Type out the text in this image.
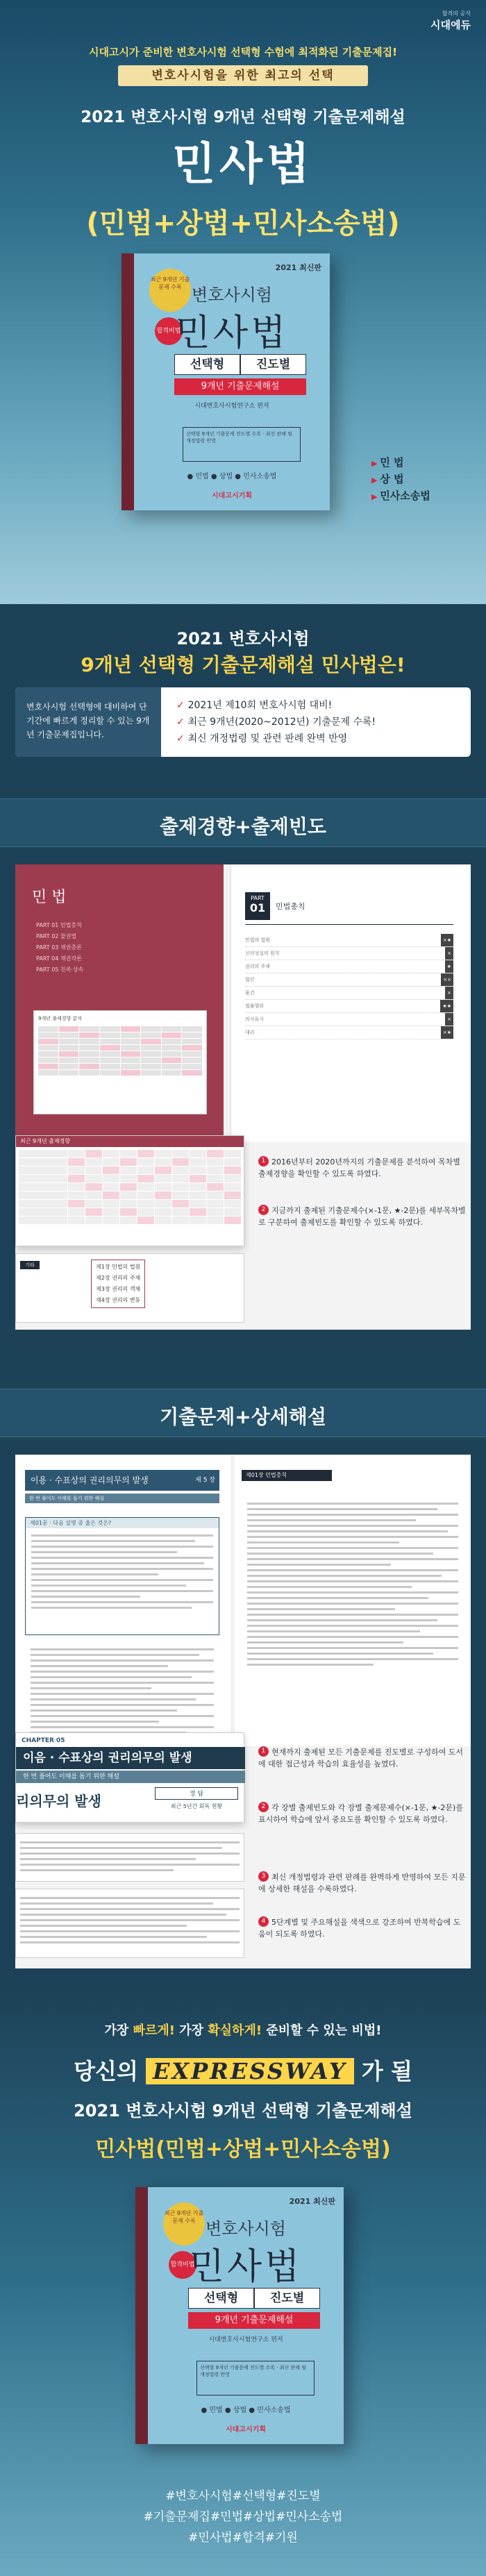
합격의 공식
시대에듀
시대고시가 준비한 변호사시험 선택형 수험에 최적화된 기출문제집!
변호사시험을 위한 최고의 선택
2021 변호사시험 9개년 선택형 기출문제해설
민사법
(민법+상법+민사소송법)
2021 최신판
최근 9개년 기출문제 수록
합격비법
변호사시험
민사법
선택형	진도별
9개년 기출문제해설
시대변호사시험연구소 편저
선택형 9개년 기출문제 진도별 수록 · 최신 판례 및 개정법령 반영
● 민법 ● 상법 ● 민사소송법
시대고시기획
▶ 민 법
▶ 상 법
▶ 민사소송법
2021 변호사시험
9개년 선택형 기출문제해설 민사법은!
변호사시험 선택형에 대비하여 단기간에 빠르게 정리할 수 있는 9개년 기출문제집입니다.
✓ 2021년 제10회 변호사시험 대비!
✓ 최근 9개년(2020~2012년) 기출문제 수록!
✓ 최신 개정법령 및 관련 판례 완벽 반영
출제경향+출제빈도
민 법
PART 01 민법총칙
PART 02 물권법
PART 03 채권총론
PART 04 채권각론
PART 05 친족·상속
9개년 출제경향 분석
PART
01	민법총칙
민법의 법원	×★
신의성실의 원칙	×
권리의 주체	★
법인	××
물건	×
법률행위	★★
의사표시	×
대리	×★
최근 9개년 출제경향
기타	제1장 민법의 법원
제2장 권리의 주체
제3장 권리의 객체
제4장 권리의 변동
1 2016년부터 2020년까지의 기출문제를 분석하여 목차별 출제경향을 확인할 수 있도록 하였다.
2 지금까지 출제된 기출문제수(×-1문, ★-2문)를 세부목차별로 구분하여 출제빈도를 확인할 수 있도록 하였다.
기출문제+상세해설
이용 · 수표상의 권리의무의 발생	제 5 장
한 번 풀어도 이해를 돕기 위한 해설
제01문 · 다음 설명 중 옳은 것은?
제01장 민법총칙
CHAPTER 05
이음 · 수표상의 권리의무의 발생
한 번 풀어도 이해를 돕기 위한 해설
리의무의 발생	정 답
최근 5년간 회독 현황
1 현재까지 출제된 모든 기출문제를 진도별로 구성하여 도서에 대한 접근성과 학습의 효율성을 높였다.
2 각 장별 출제빈도와 각 장별 출제문제수(×-1문, ★-2문)를 표시하여 학습에 앞서 중요도를 확인할 수 있도록 하였다.
3 최신 개정법령과 관련 판례를 완벽하게 반영하여 모든 지문에 상세한 해설을 수록하였다.
4 5단계별 및 주요해설을 색색으로 강조하여 반복학습에 도움이 되도록 하였다.
가장 빠르게! 가장 확실하게! 준비할 수 있는 비법!
당신의 EXPRESSWAY 가 될
2021 변호사시험 9개년 선택형 기출문제해설
민사법(민법+상법+민사소송법)
2021 최신판
최근 9개년 기출문제 수록
합격비법
변호사시험
민사법
선택형	진도별
9개년 기출문제해설
시대변호사시험연구소 편저
선택형 9개년 기출문제 진도별 수록 · 최신 판례 및 개정법령 반영
● 민법 ● 상법 ● 민사소송법
시대고시기획
#변호사시험#선택형#진도별
#기출문제집#민법#상법#민사소송법
#민사법#합격#기원
